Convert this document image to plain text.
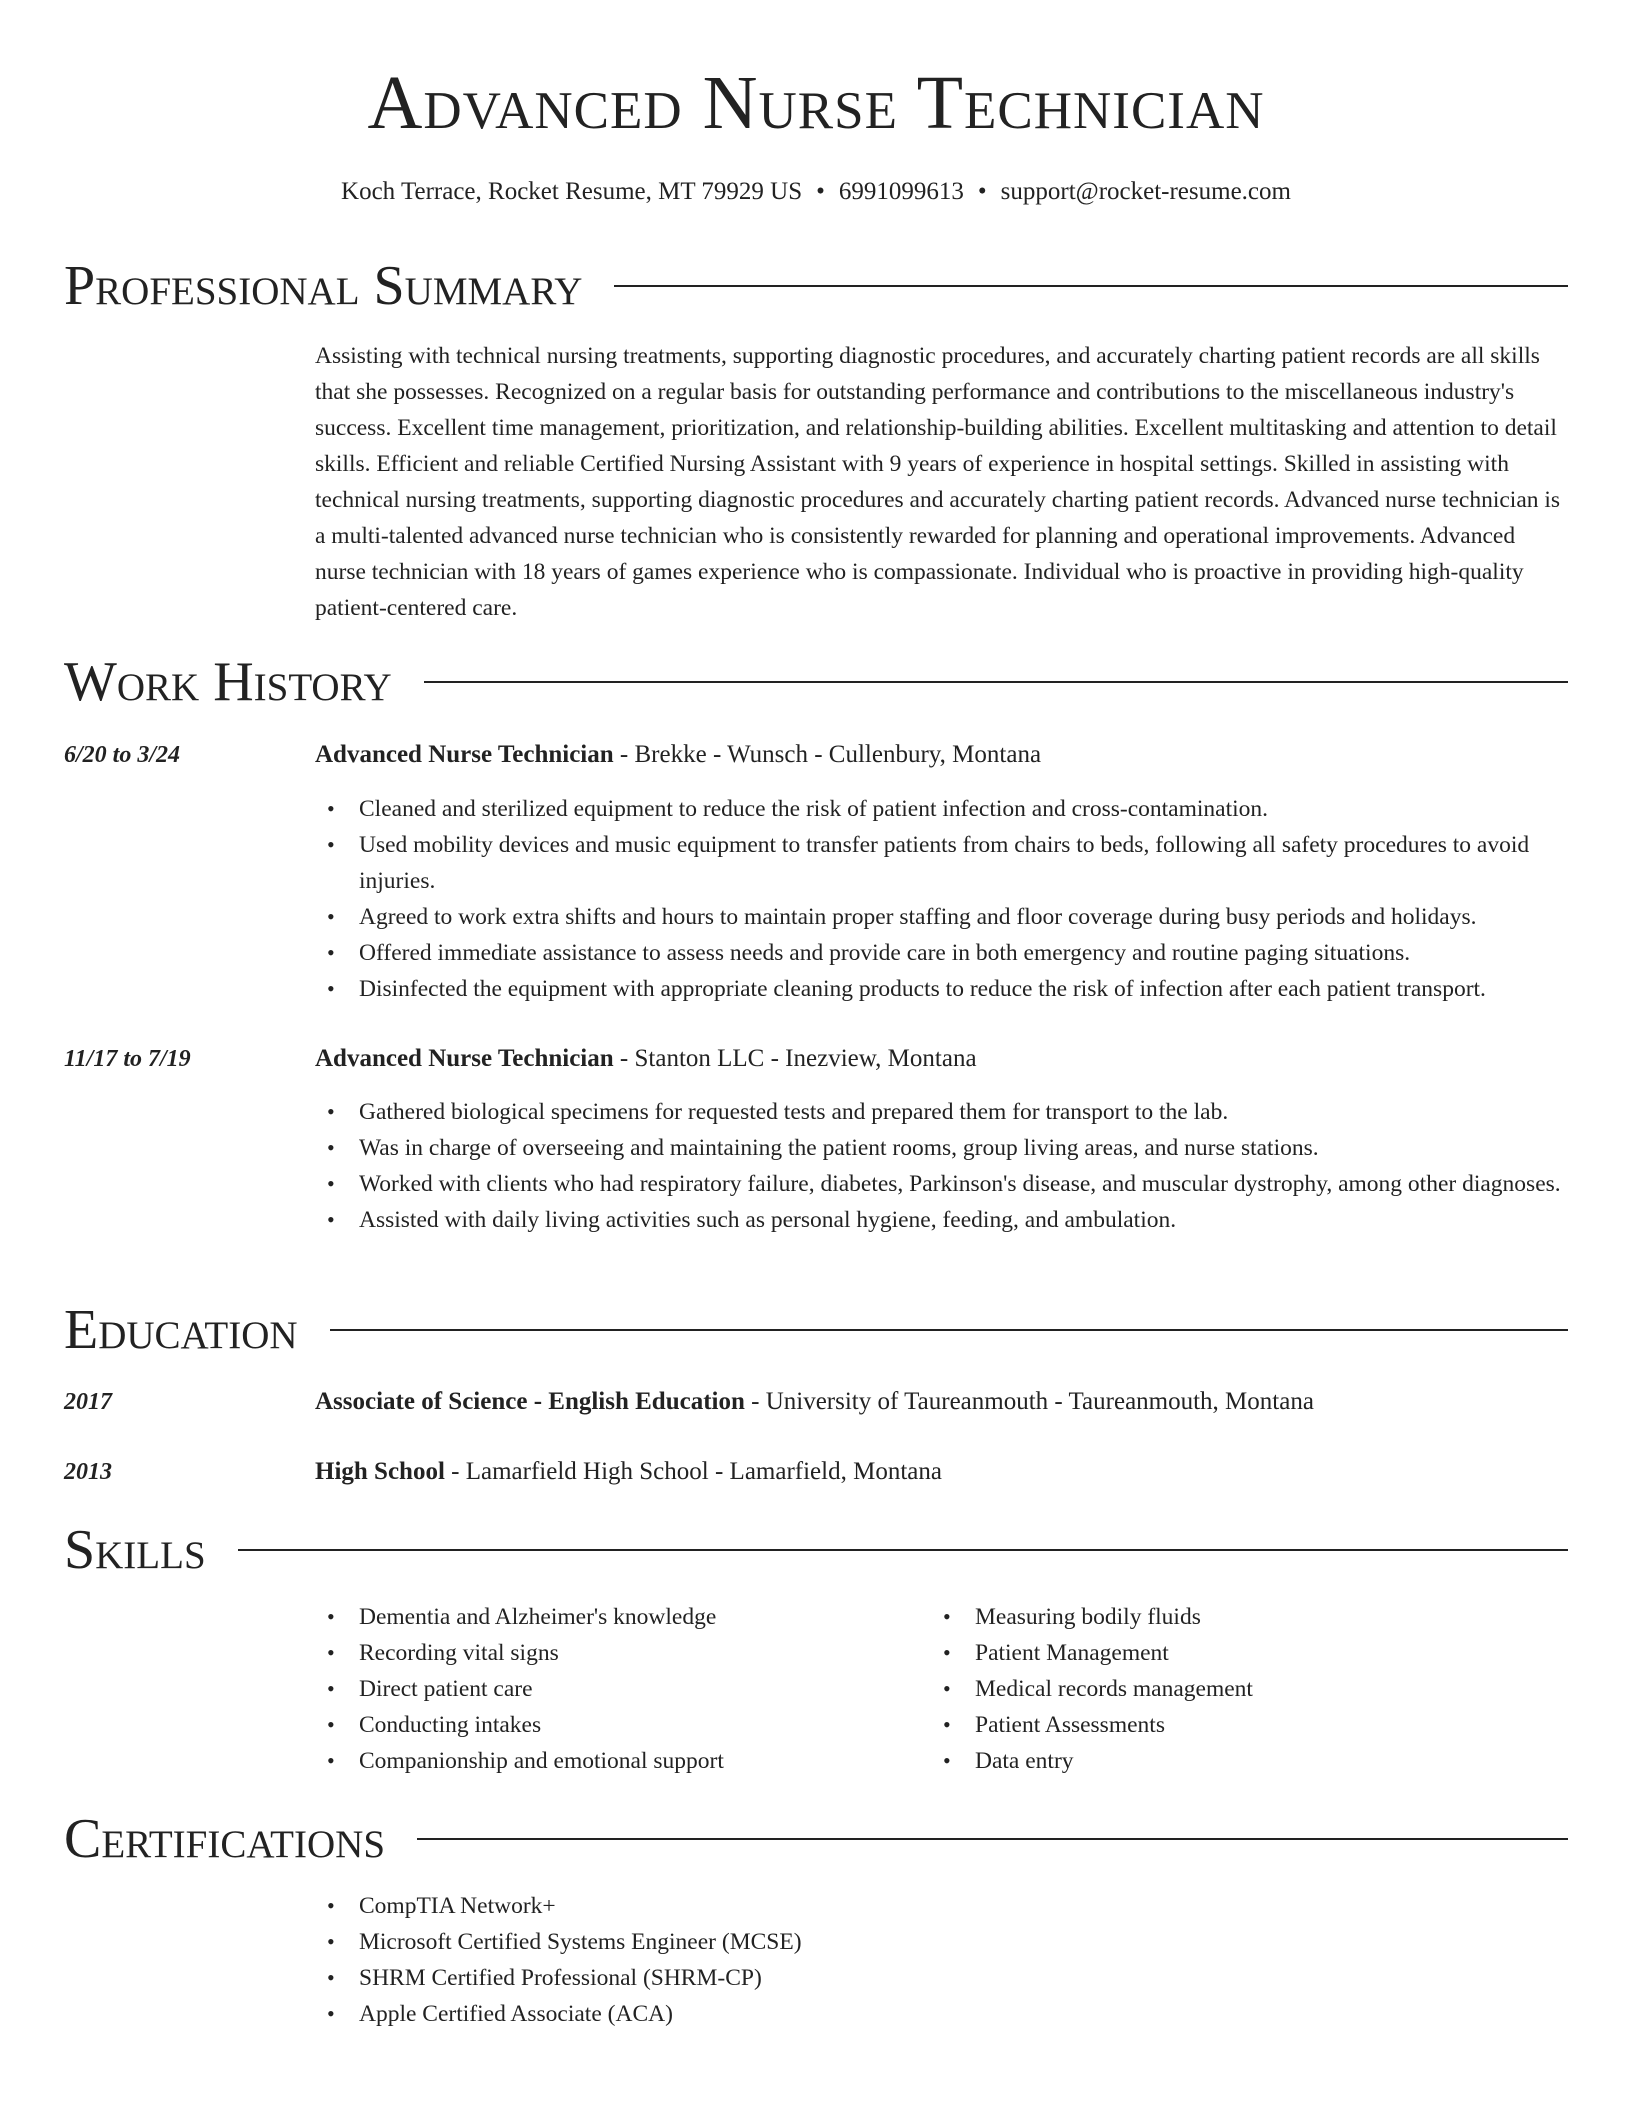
Advanced Nurse Technician
Koch Terrace, Rocket Resume, MT 79929 US • 6991099613 • support@rocket-resume.com
Professional Summary
Assisting with technical nursing treatments, supporting diagnostic procedures, and accurately charting patient records are all skills that she possesses. Recognized on a regular basis for outstanding performance and contributions to the miscellaneous industry's success. Excellent time management, prioritization, and relationship-building abilities. Excellent multitasking and attention to detail skills. Efficient and reliable Certified Nursing Assistant with 9 years of experience in hospital settings. Skilled in assisting with technical nursing treatments, supporting diagnostic procedures and accurately charting patient records. Advanced nurse technician is a multi-talented advanced nurse technician who is consistently rewarded for planning and operational improvements. Advanced nurse technician with 18 years of games experience who is compassionate. Individual who is proactive in providing high-quality patient-centered care.
Work History
6/20 to 3/24	Advanced Nurse Technician - Brekke - Wunsch - Cullenbury, Montana
• Cleaned and sterilized equipment to reduce the risk of patient infection and cross-contamination.
• Used mobility devices and music equipment to transfer patients from chairs to beds, following all safety procedures to avoid injuries.
• Agreed to work extra shifts and hours to maintain proper staffing and floor coverage during busy periods and holidays.
• Offered immediate assistance to assess needs and provide care in both emergency and routine paging situations.
• Disinfected the equipment with appropriate cleaning products to reduce the risk of infection after each patient transport.
11/17 to 7/19	Advanced Nurse Technician - Stanton LLC - Inezview, Montana
• Gathered biological specimens for requested tests and prepared them for transport to the lab.
• Was in charge of overseeing and maintaining the patient rooms, group living areas, and nurse stations.
• Worked with clients who had respiratory failure, diabetes, Parkinson's disease, and muscular dystrophy, among other diagnoses.
• Assisted with daily living activities such as personal hygiene, feeding, and ambulation.
Education
2017	Associate of Science - English Education - University of Taureanmouth - Taureanmouth, Montana
2013	High School - Lamarfield High School - Lamarfield, Montana
Skills
• Dementia and Alzheimer's knowledge
• Recording vital signs
• Direct patient care
• Conducting intakes
• Companionship and emotional support
• Measuring bodily fluids
• Patient Management
• Medical records management
• Patient Assessments
• Data entry
Certifications
• CompTIA Network+
• Microsoft Certified Systems Engineer (MCSE)
• SHRM Certified Professional (SHRM-CP)
• Apple Certified Associate (ACA)
